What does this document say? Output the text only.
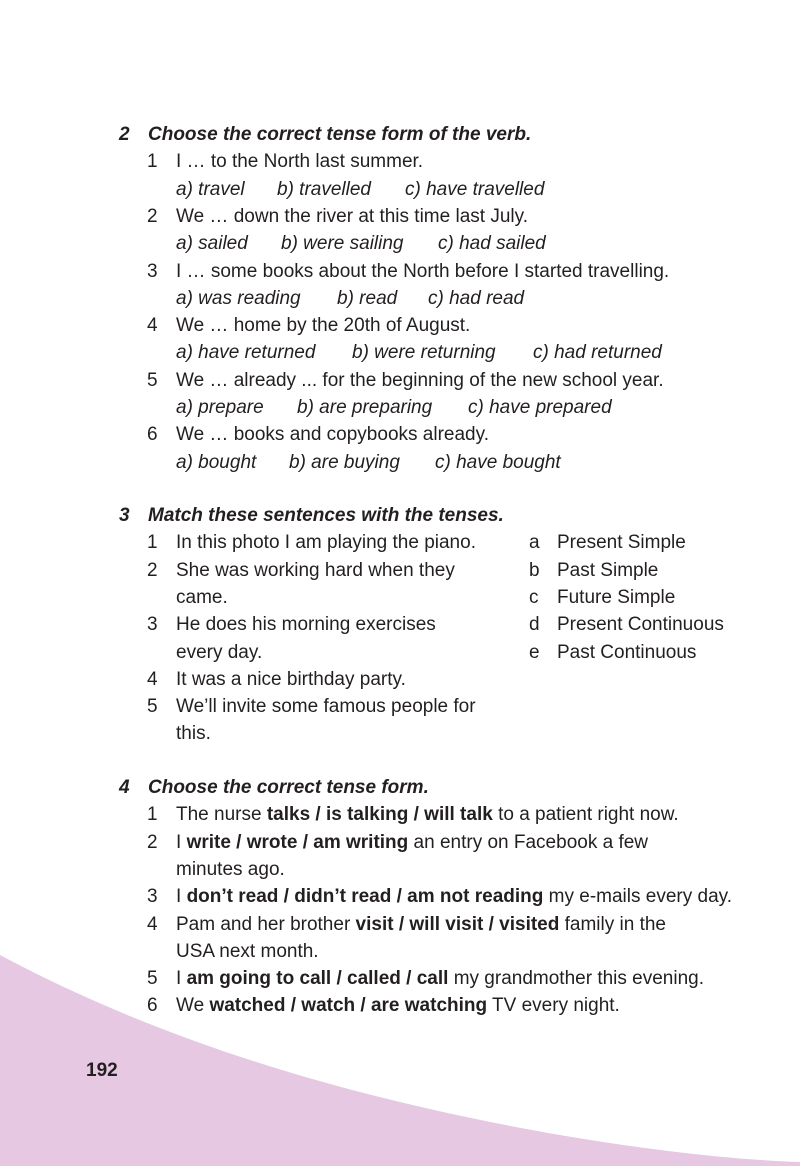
2 Choose the correct tense form of the verb.
1 I … to the North last summer.
a) travel b) travelled c) have travelled
2 We … down the river at this time last July.
a) sailed b) were sailing c) had sailed
3 I … some books about the North before I started travelling.
a) was reading b) read c) had read
4 We … home by the 20th of August.
a) have returned b) were returning c) had returned
5 We … already ... for the beginning of the new school year.
a) prepare b) are preparing c) have prepared
6 We … books and copybooks already.
a) bought b) are buying c) have bought
3 Match these sentences with the tenses.
1 In this photo I am playing the piano.
2 She was working hard when they
came.
3 He does his morning exercises
every day.
4 It was a nice birthday party.
5 We’ll invite some famous people for
this.
a Present Simple
b Past Simple
c Future Simple
d Present Continuous
e Past Continuous
4 Choose the correct tense form.
1 The nurse talks / is talking / will talk to a patient right now.
2 I write / wrote / am writing an entry on Facebook a few
minutes ago.
3 I don’t read / didn’t read / am not reading my e-mails every day.
4 Pam and her brother visit / will visit / visited family in the
USA next month.
5 I am going to call / called / call my grandmother this evening.
6 We watched / watch / are watching TV every night.
192
